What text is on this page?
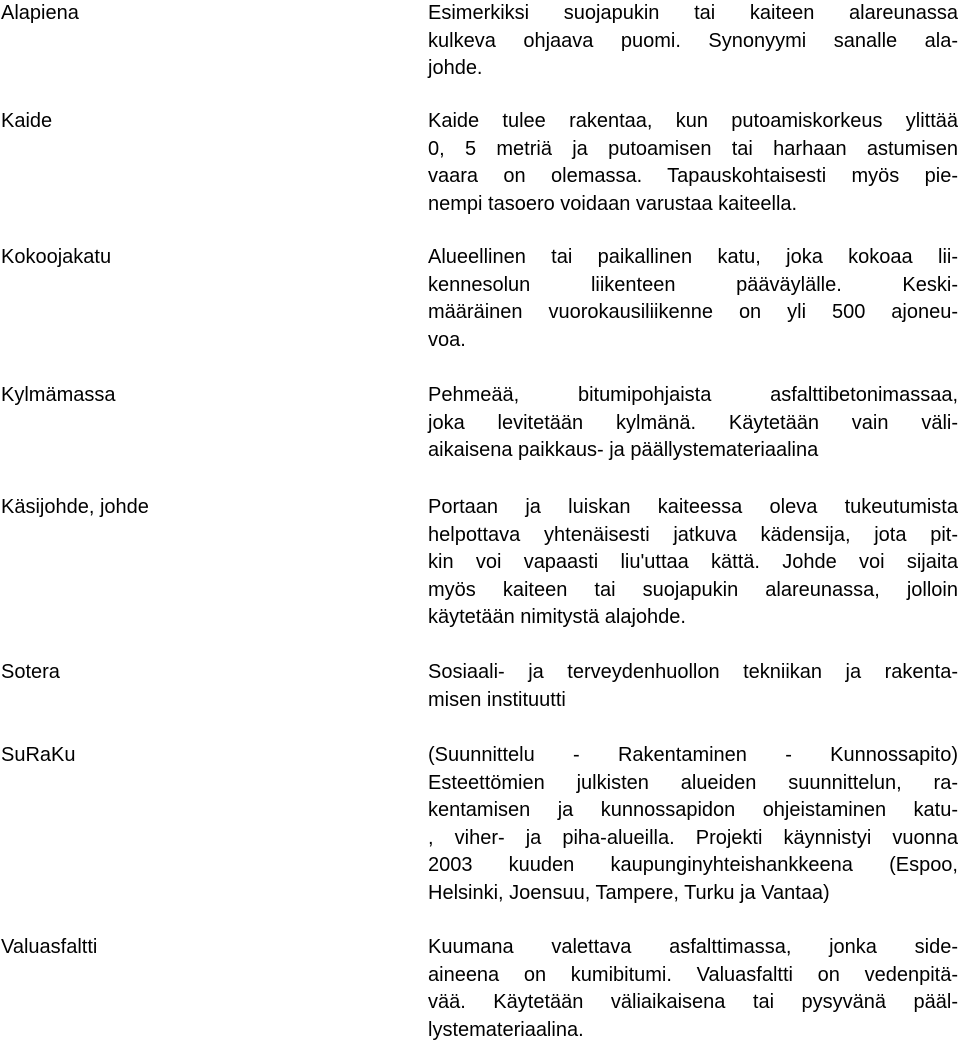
Alapiena	Esimerkiksi suojapukin tai kaiteen alareunassa
kulkeva ohjaava puomi. Synonyymi sanalle ala-
johde.

Kaide	Kaide tulee rakentaa, kun putoamiskorkeus ylittää
0, 5 metriä ja putoamisen tai harhaan astumisen
vaara on olemassa. Tapauskohtaisesti myös pie-
nempi tasoero voidaan varustaa kaiteella.

Kokoojakatu	Alueellinen tai paikallinen katu, joka kokoaa lii-
kennesolun liikenteen pääväylälle. Keski-
määräinen vuorokausiliikenne on yli 500 ajoneu-
voa.

Kylmämassa	Pehmeää, bitumipohjaista asfalttibetonimassaa,
joka levitetään kylmänä. Käytetään vain väli-
aikaisena paikkaus- ja päällystemateriaalina

Käsijohde, johde	Portaan ja luiskan kaiteessa oleva tukeutumista
helpottava yhtenäisesti jatkuva kädensija, jota pit-
kin voi vapaasti liu'uttaa kättä. Johde voi sijaita
myös kaiteen tai suojapukin alareunassa, jolloin
käytetään nimitystä alajohde.

Sotera	Sosiaali- ja terveydenhuollon tekniikan ja rakenta-
misen instituutti

SuRaKu	(Suunnittelu - Rakentaminen - Kunnossapito)
Esteettömien julkisten alueiden suunnittelun, ra-
kentamisen ja kunnossapidon ohjeistaminen katu-
, viher- ja piha-alueilla. Projekti käynnistyi vuonna
2003 kuuden kaupunginyhteishankkeena (Espoo,
Helsinki, Joensuu, Tampere, Turku ja Vantaa)

Valuasfaltti	Kuumana valettava asfalttimassa, jonka side-
aineena on kumibitumi. Valuasfaltti on vedenpitä-
vää. Käytetään väliaikaisena tai pysyvänä pääl-
lystemateriaalina.
